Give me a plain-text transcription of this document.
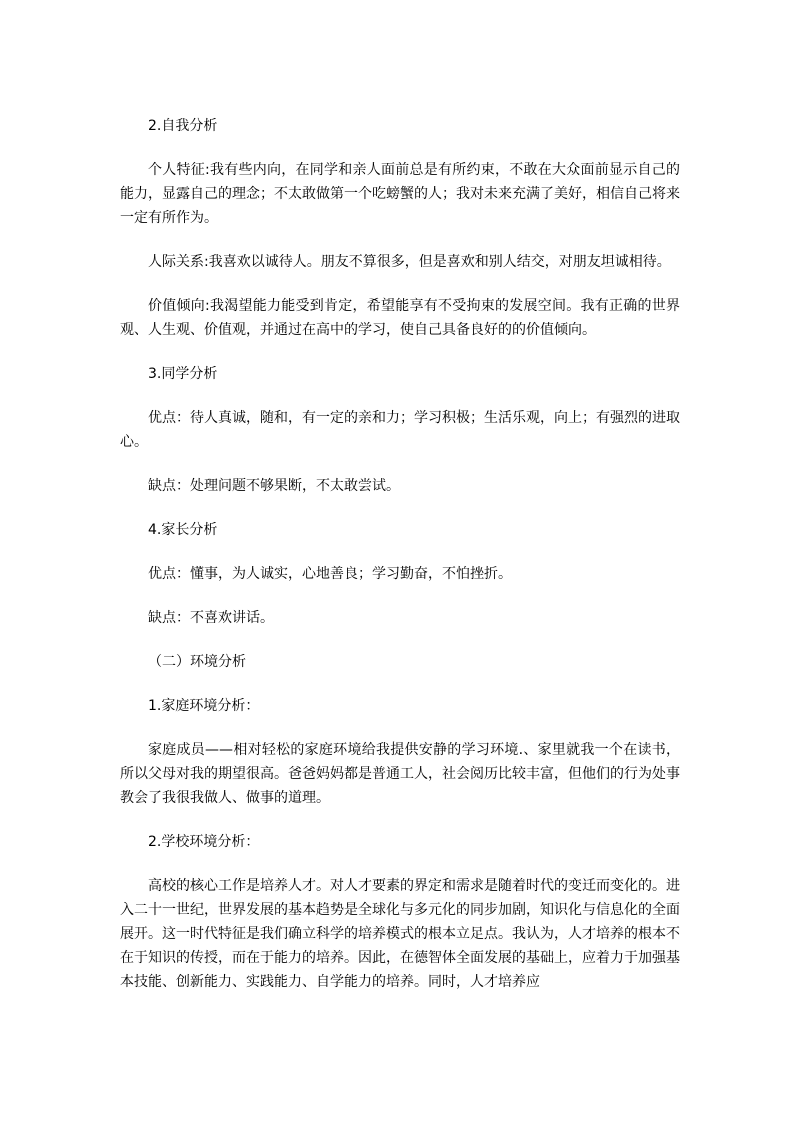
2.自我分析
个人特征:我有些内向，在同学和亲人面前总是有所约束，不敢在大众面前显示自己的能力，显露自己的理念；不太敢做第一个吃螃蟹的人；我对未来充满了美好，相信自己将来一定有所作为。
人际关系:我喜欢以诚待人。朋友不算很多，但是喜欢和别人结交，对朋友坦诚相待。
价值倾向:我渴望能力能受到肯定，希望能享有不受拘束的发展空间。我有正确的世界观、人生观、价值观，并通过在高中的学习，使自己具备良好的的价值倾向。
3.同学分析
优点：待人真诚，随和，有一定的亲和力；学习积极；生活乐观，向上；有强烈的进取心。
缺点：处理问题不够果断，不太敢尝试。
4.家长分析
优点：懂事，为人诚实，心地善良；学习勤奋，不怕挫折。
缺点：不喜欢讲话。
（二）环境分析
1.家庭环境分析：
家庭成员——相对轻松的家庭环境给我提供安静的学习环境.、家里就我一个在读书，所以父母对我的期望很高。爸爸妈妈都是普通工人，社会阅历比较丰富，但他们的行为处事教会了我很我做人、做事的道理。
2.学校环境分析：
高校的核心工作是培养人才。对人才要素的界定和需求是随着时代的变迁而变化的。进入二十一世纪，世界发展的基本趋势是全球化与多元化的同步加剧，知识化与信息化的全面展开。这一时代特征是我们确立科学的培养模式的根本立足点。我认为，人才培养的根本不在于知识的传授，而在于能力的培养。因此，在德智体全面发展的基础上，应着力于加强基本技能、创新能力、实践能力、自学能力的培养。同时，人才培养应
